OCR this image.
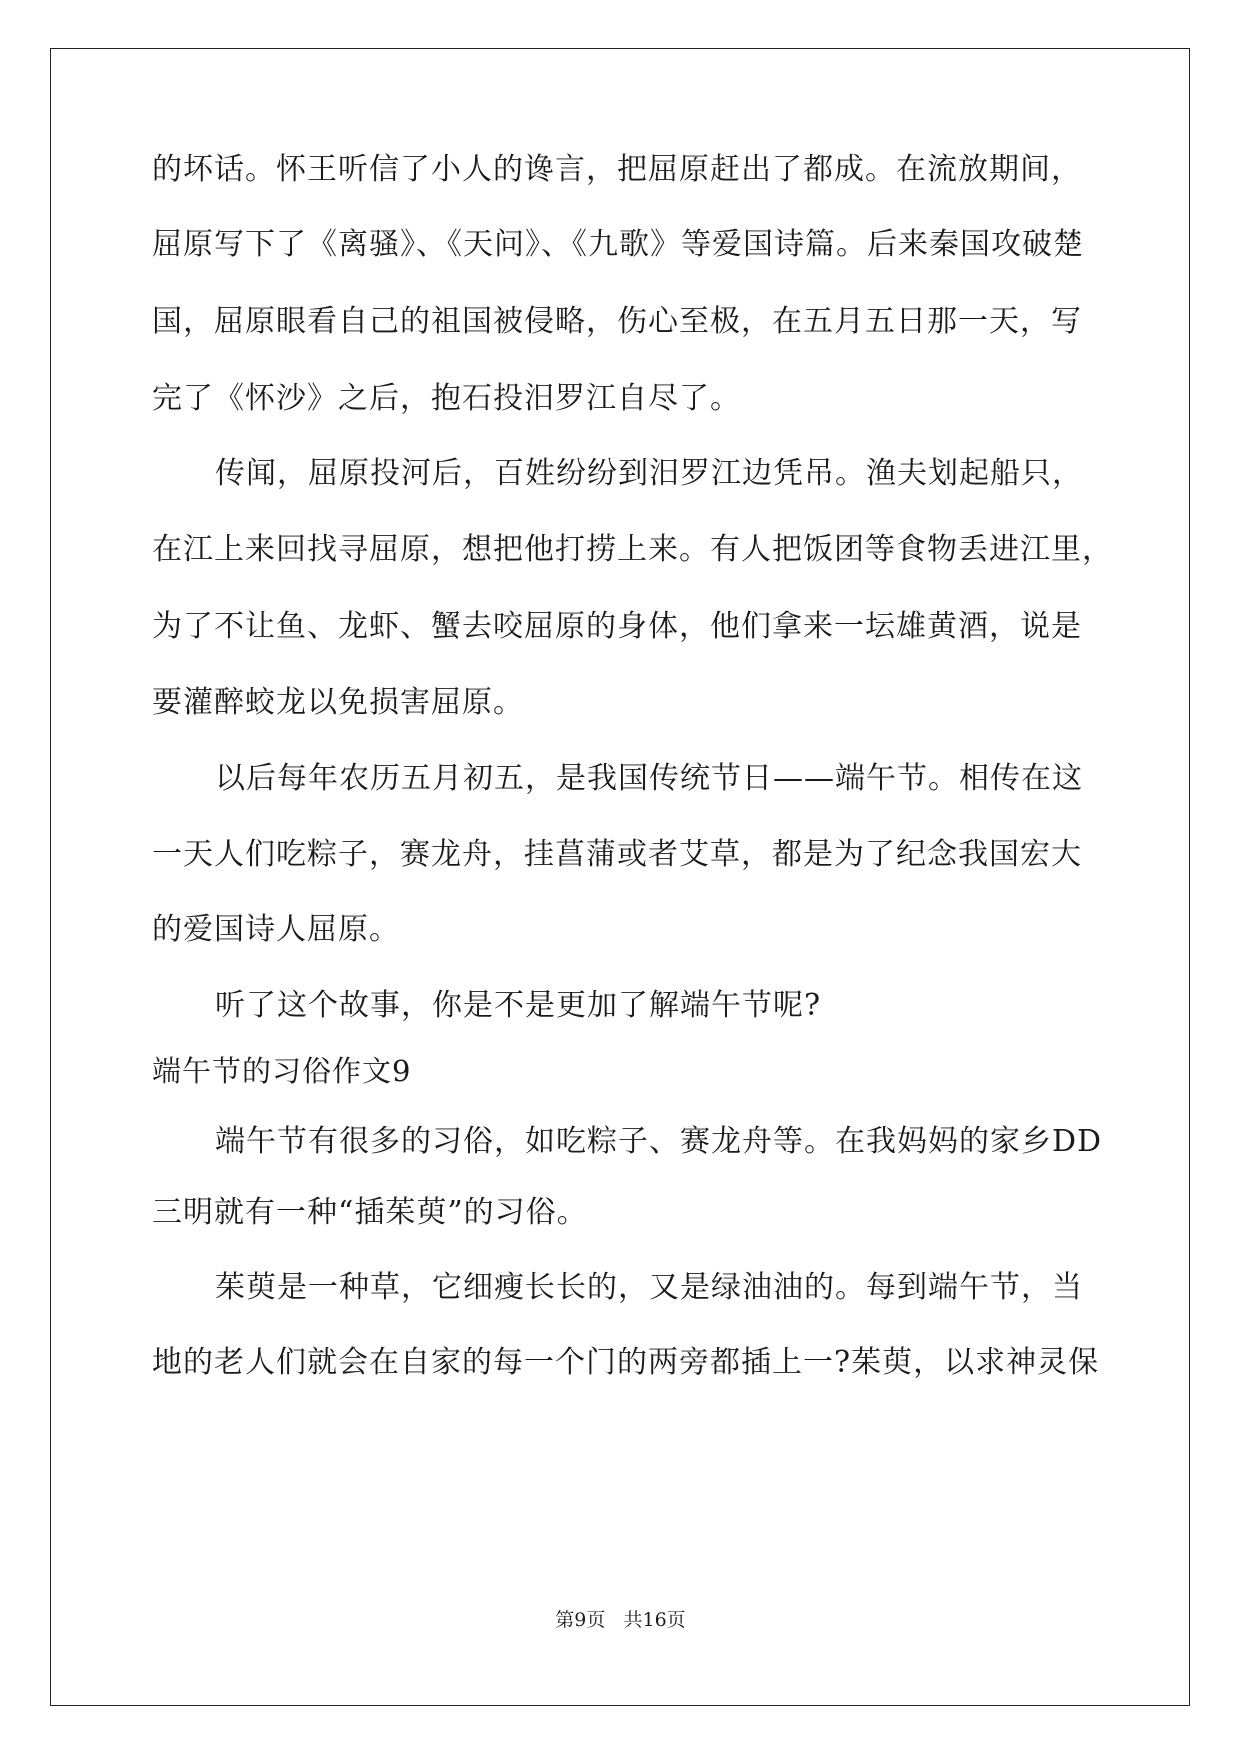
的坏话。怀王听信了小人的谗言，把屈原赶出了都成。在流放期间，
屈原写下了《离骚》、《天问》、《九歌》等爱国诗篇。后来秦国攻破楚
国，屈原眼看自己的祖国被侵略，伤心至极，在五月五日那一天，写
完了《怀沙》之后，抱石投汨罗江自尽了。
传闻，屈原投河后，百姓纷纷到汨罗江边凭吊。渔夫划起船只，
在江上来回找寻屈原，想把他打捞上来。有人把饭团等食物丢进江里，
为了不让鱼、龙虾、蟹去咬屈原的身体，他们拿来一坛雄黄酒，说是
要灌醉蛟龙以免损害屈原。
以后每年农历五月初五，是我国传统节日——端午节。相传在这
一天人们吃粽子，赛龙舟，挂菖蒲或者艾草，都是为了纪念我国宏大
的爱国诗人屈原。
听了这个故事，你是不是更加了解端午节呢?
端午节的习俗作文9
端午节有很多的习俗，如吃粽子、赛龙舟等。在我妈妈的家乡DD
三明就有一种“插茱萸”的习俗。
茱萸是一种草，它细瘦长长的，又是绿油油的。每到端午节，当
地的老人们就会在自家的每一个门的两旁都插上一?茱萸，以求神灵保
第9页   共16页
